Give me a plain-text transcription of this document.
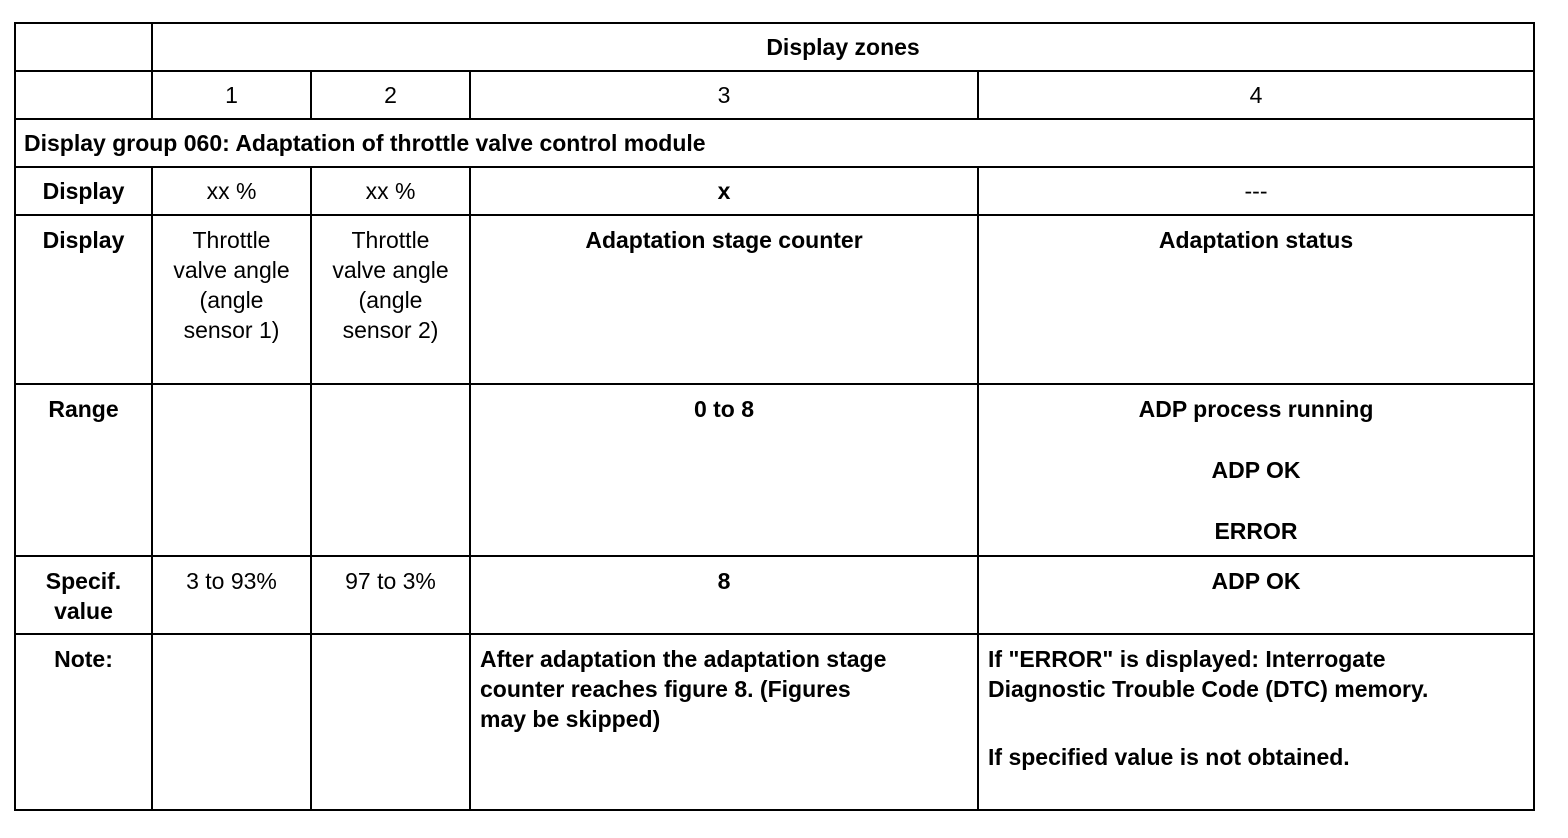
	Display zones			
	1	2	3	4
Display group 060: Adaptation of throttle valve control module				
Display	xx %	xx %	x	---
Display	Throttle
valve angle
(angle
sensor 1)	Throttle
valve angle
(angle
sensor 2)	Adaptation stage counter	Adaptation status
Range			0 to 8	ADP process running
ADP OK
ERROR

Specif.
value	3 to 93%	97 to 3%	8	ADP OK
Note:			After adaptation the adaptation stage
counter reaches figure 8. (Figures
may be skipped)	If "ERROR" is displayed: Interrogate
Diagnostic Trouble Code (DTC) memory.
If specified value is not obtained.
